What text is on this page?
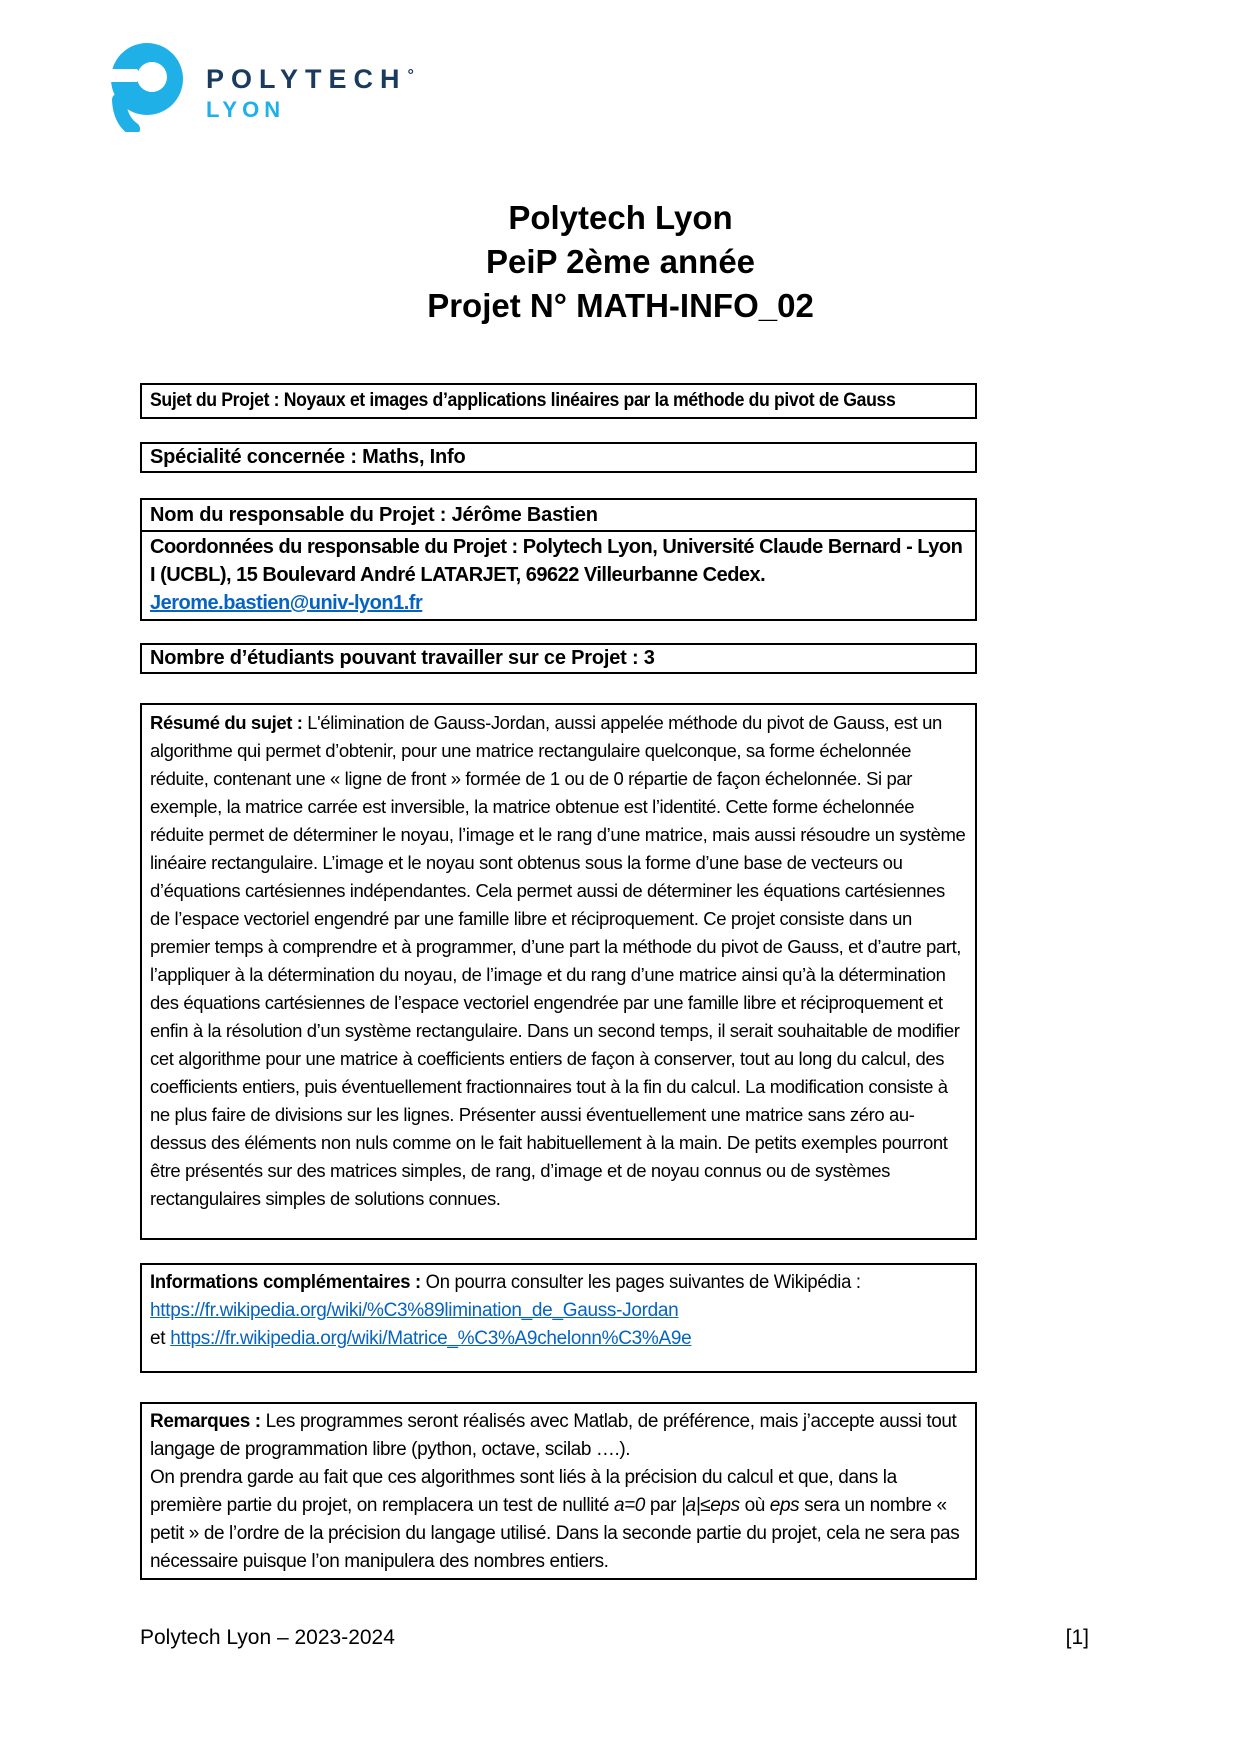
POLYTECH°
LYON
Polytech Lyon
PeiP 2ème année
Projet N° MATH-INFO_02
Sujet du Projet : Noyaux et images d’applications linéaires par la méthode du pivot de Gauss
Spécialité concernée : Maths, Info
Nom du responsable du Projet : Jérôme Bastien
Coordonnées du responsable du Projet : Polytech Lyon, Université Claude Bernard - Lyon I (UCBL), 15 Boulevard André LATARJET, 69622 Villeurbanne Cedex.
Jerome.bastien@univ-lyon1.fr
Nombre d’étudiants pouvant travailler sur ce Projet : 3
Résumé du sujet : L'élimination de Gauss-Jordan, aussi appelée méthode du pivot de Gauss, est un algorithme qui permet d’obtenir, pour une matrice rectangulaire quelconque, sa forme échelonnée réduite, contenant une « ligne de front » formée de 1 ou de 0 répartie de façon échelonnée. Si par exemple, la matrice carrée est inversible, la matrice obtenue est l’identité. Cette forme échelonnée réduite permet de déterminer le noyau, l’image et le rang d’une matrice, mais aussi résoudre un système linéaire rectangulaire. L’image et le noyau sont obtenus sous la forme d’une base de vecteurs ou d’équations cartésiennes indépendantes. Cela permet aussi de déterminer les équations cartésiennes de l’espace vectoriel engendré par une famille libre et réciproquement. Ce projet consiste dans un premier temps à comprendre et à programmer, d’une part la méthode du pivot de Gauss, et d’autre part, l’appliquer à la détermination du noyau, de l’image et du rang d’une matrice ainsi qu’à la détermination des équations cartésiennes de l’espace vectoriel engendrée par une famille libre et réciproquement et enfin à la résolution d’un système rectangulaire. Dans un second temps, il serait souhaitable de modifier cet algorithme pour une matrice à coefficients entiers de façon à conserver, tout au long du calcul, des coefficients entiers, puis éventuellement fractionnaires tout à la fin du calcul. La modification consiste à ne plus faire de divisions sur les lignes. Présenter aussi éventuellement une matrice sans zéro au-dessus des éléments non nuls comme on le fait habituellement à la main. De petits exemples pourront être présentés sur des matrices simples, de rang, d’image et de noyau connus ou de systèmes rectangulaires simples de solutions connues.
Informations complémentaires : On pourra consulter les pages suivantes de Wikipédia :
https://fr.wikipedia.org/wiki/%C3%89limination_de_Gauss-Jordan
et https://fr.wikipedia.org/wiki/Matrice_%C3%A9chelonn%C3%A9e

Remarques : Les programmes seront réalisés avec Matlab, de préférence, mais j’accepte aussi tout langage de programmation libre (python, octave, scilab ….).

On prendra garde au fait que ces algorithmes sont liés à la précision du calcul et que, dans la première partie du projet, on remplacera un test de nullité a=0 par |a|≤eps où eps sera un nombre « petit » de l’ordre de la précision du langage utilisé. Dans la seconde partie du projet, cela ne sera pas nécessaire puisque l’on manipulera des nombres entiers.

Polytech Lyon – 2023-2024	[1]
